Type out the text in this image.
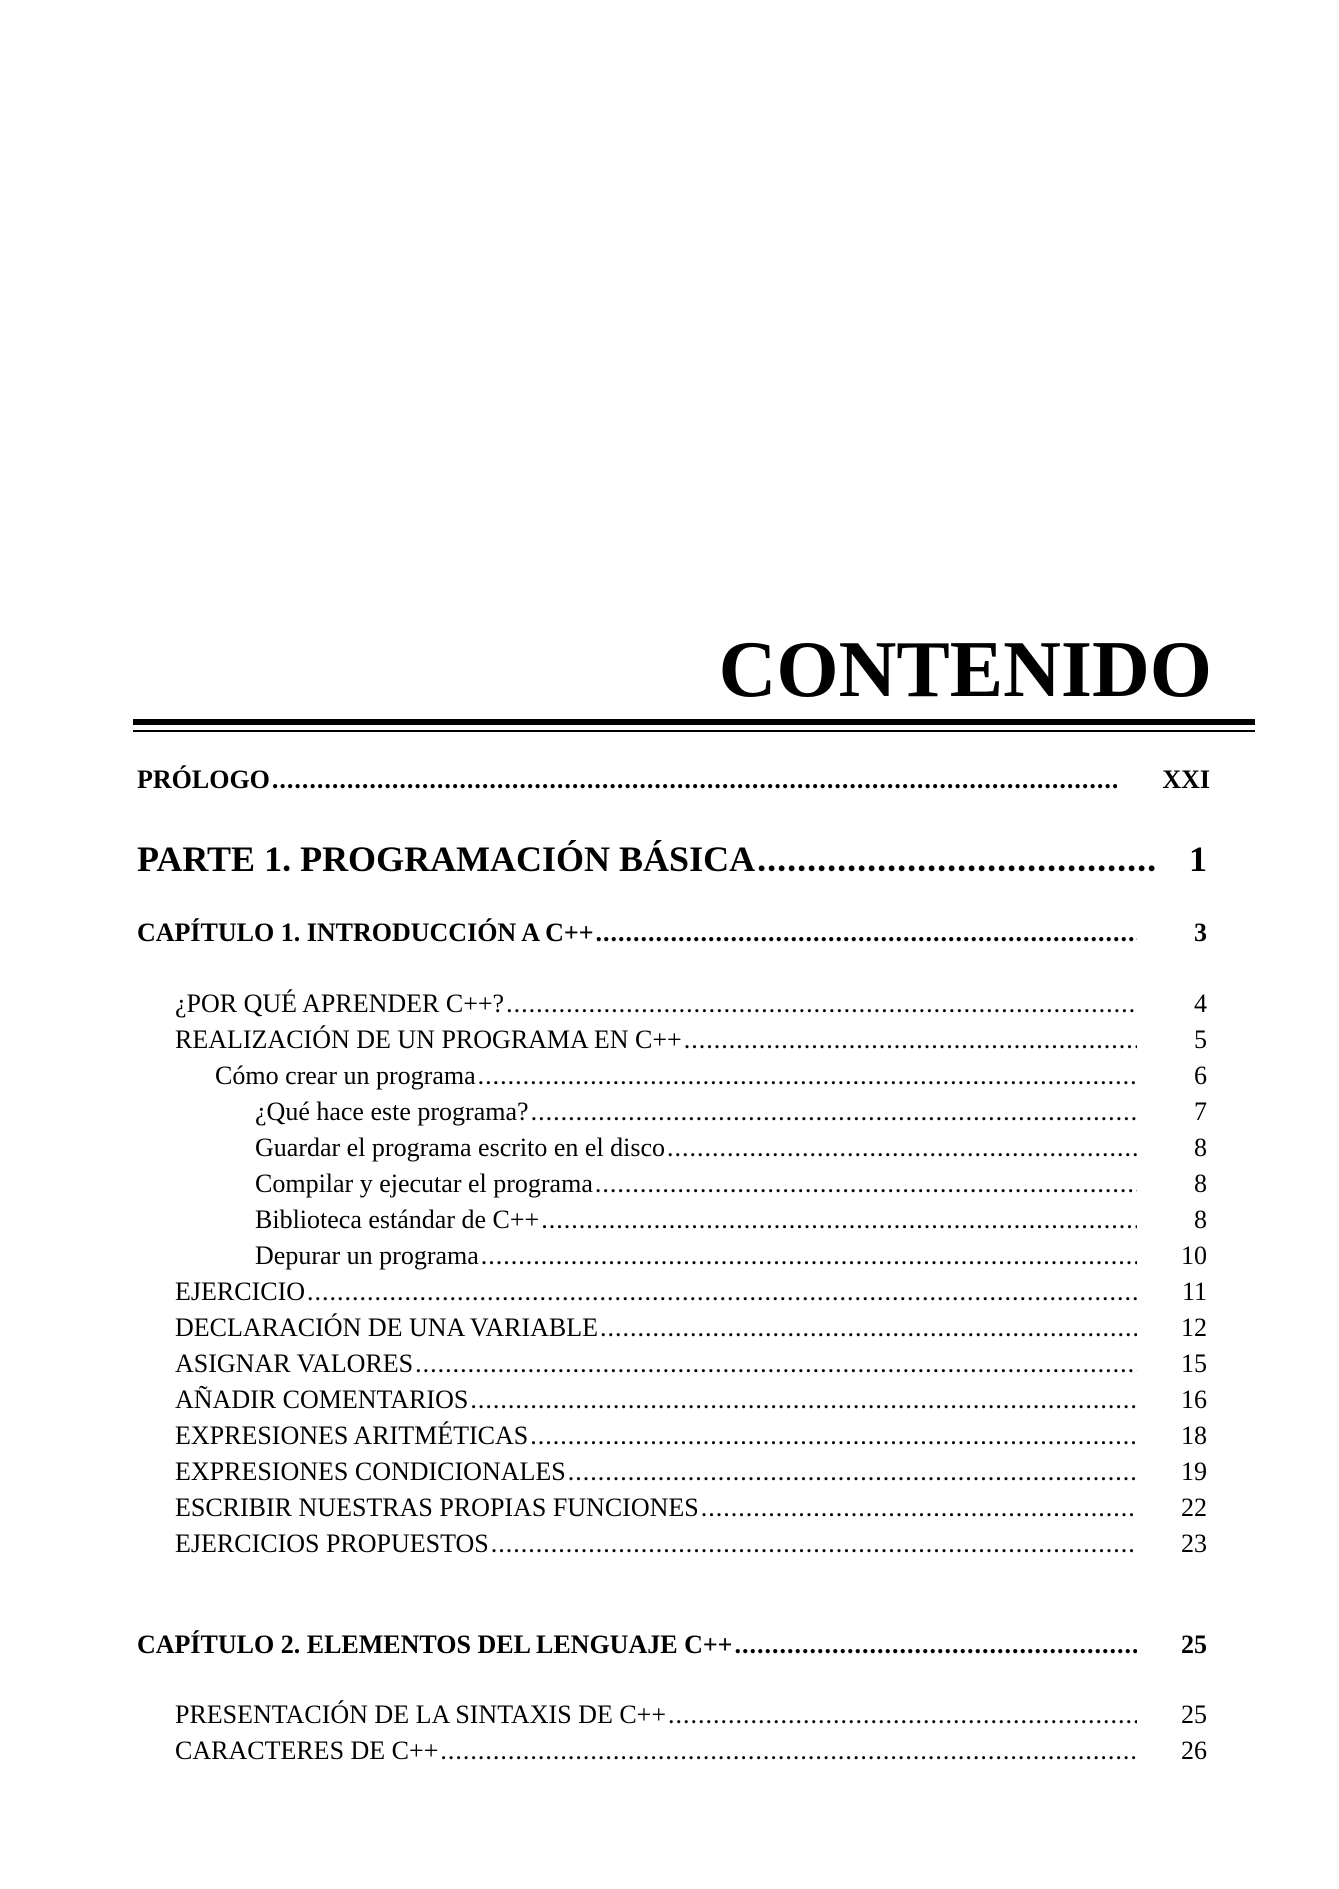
CONTENIDO
PRÓLOGO .....	XXI
PARTE 1. PROGRAMACIÓN BÁSICA .....	1
CAPÍTULO 1. INTRODUCCIÓN A C++ .....	3
¿POR QUÉ APRENDER C++? .....	4
REALIZACIÓN DE UN PROGRAMA EN C++ .....	5
Cómo crear un programa .....	6
¿Qué hace este programa? .....	7
Guardar el programa escrito en el disco .....	8
Compilar y ejecutar el programa .....	8
Biblioteca estándar de C++ .....	8
Depurar un programa .....	10
EJERCICIO .....	11
DECLARACIÓN DE UNA VARIABLE .....	12
ASIGNAR VALORES .....	15
AÑADIR COMENTARIOS .....	16
EXPRESIONES ARITMÉTICAS .....	18
EXPRESIONES CONDICIONALES .....	19
ESCRIBIR NUESTRAS PROPIAS FUNCIONES .....	22
EJERCICIOS PROPUESTOS .....	23
CAPÍTULO 2. ELEMENTOS DEL LENGUAJE C++ .....	25
PRESENTACIÓN DE LA SINTAXIS DE C++ .....	25
CARACTERES DE C++ .....	26
